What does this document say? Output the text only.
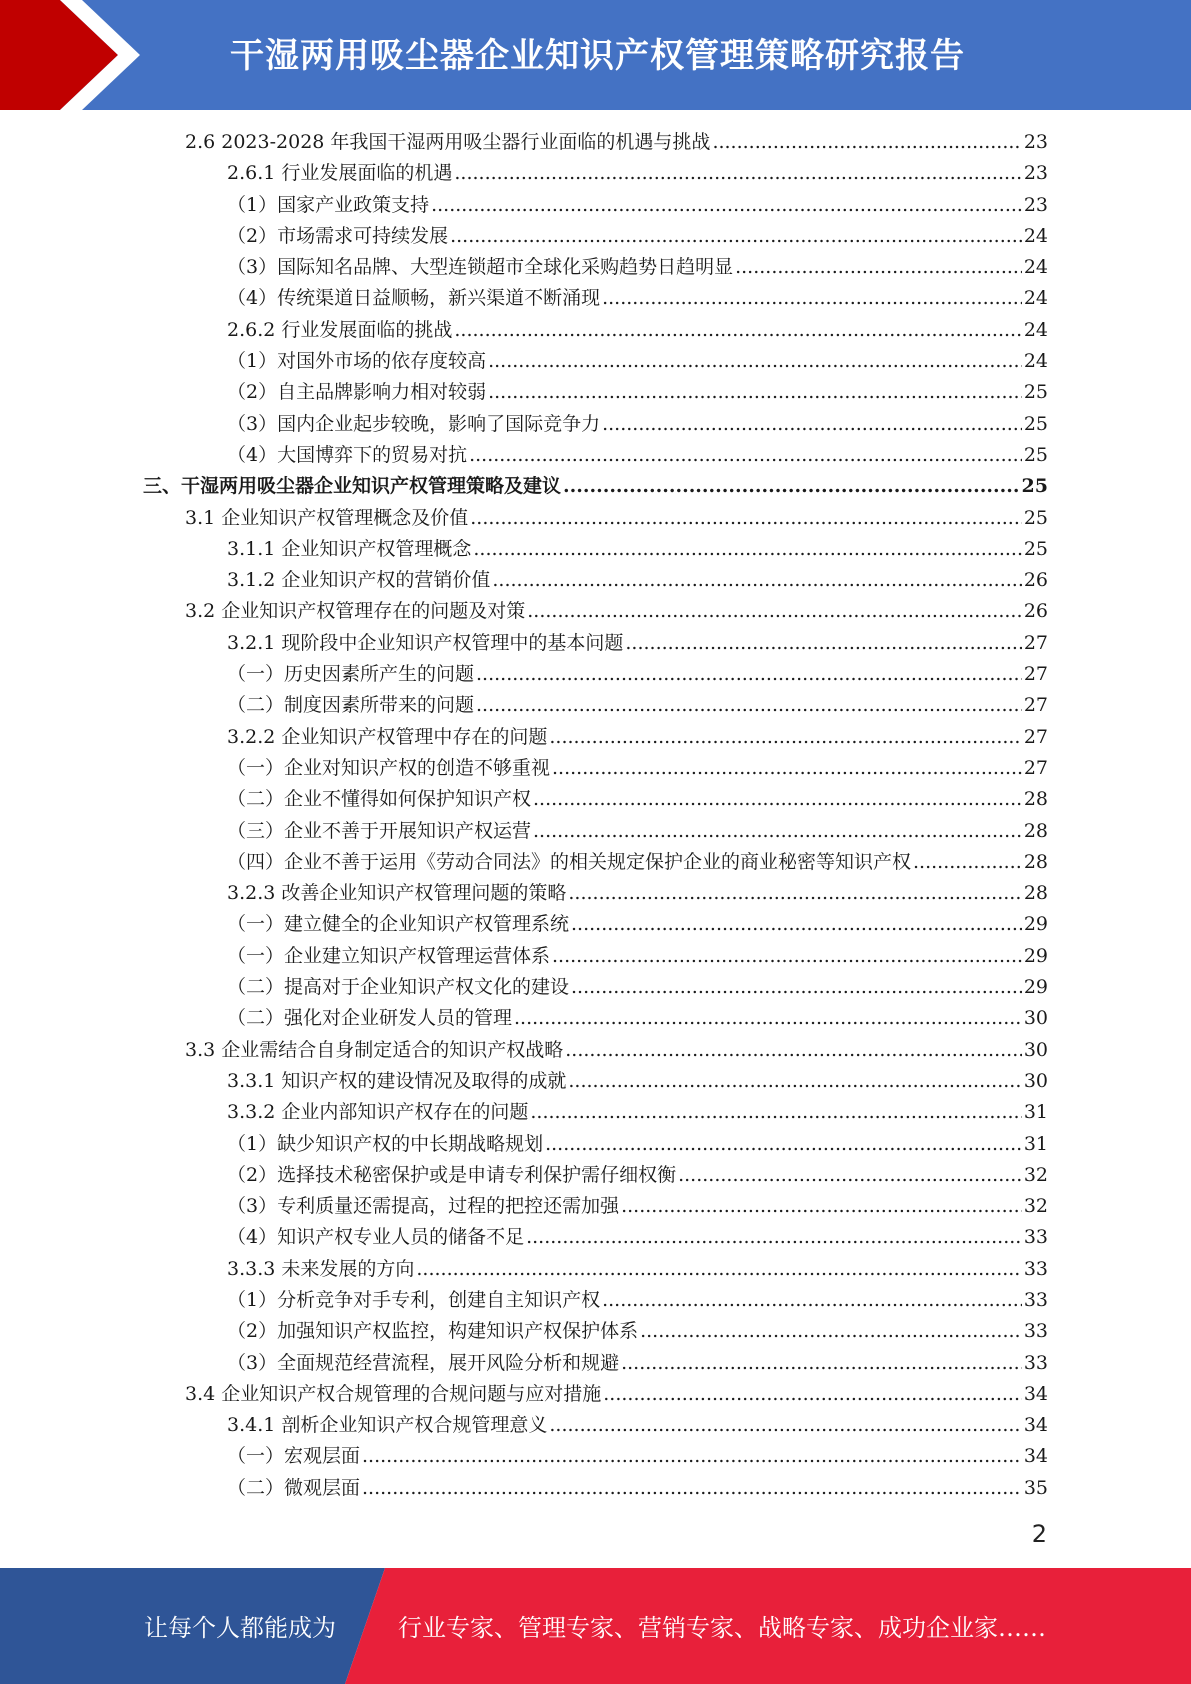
干湿两用吸尘器企业知识产权管理策略研究报告
2.6 2023-2028 年我国干湿两用吸尘器行业面临的机遇与挑战 .....	23
2.6.1 行业发展面临的机遇 .....	23
（1）国家产业政策支持 .....	23
（2）市场需求可持续发展 .....	24
（3）国际知名品牌、大型连锁超市全球化采购趋势日趋明显 .....	24
（4）传统渠道日益顺畅，新兴渠道不断涌现 .....	24
2.6.2 行业发展面临的挑战 .....	24
（1）对国外市场的依存度较高 .....	24
（2）自主品牌影响力相对较弱 .....	25
（3）国内企业起步较晚，影响了国际竞争力 .....	25
（4）大国博弈下的贸易对抗 .....	25
三、干湿两用吸尘器企业知识产权管理策略及建议 .....	25
3.1 企业知识产权管理概念及价值 .....	25
3.1.1 企业知识产权管理概念 .....	25
3.1.2 企业知识产权的营销价值 .....	26
3.2 企业知识产权管理存在的问题及对策 .....	26
3.2.1 现阶段中企业知识产权管理中的基本问题 .....	27
（一）历史因素所产生的问题 .....	27
（二）制度因素所带来的问题 .....	27
3.2.2 企业知识产权管理中存在的问题 .....	27
（一）企业对知识产权的创造不够重视 .....	27
（二）企业不懂得如何保护知识产权 .....	28
（三）企业不善于开展知识产权运营 .....	28
（四）企业不善于运用《劳动合同法》的相关规定保护企业的商业秘密等知识产权 .....	28
3.2.3 改善企业知识产权管理问题的策略 .....	28
（一）建立健全的企业知识产权管理系统 .....	29
（一）企业建立知识产权管理运营体系 .....	29
（二）提高对于企业知识产权文化的建设 .....	29
（二）强化对企业研发人员的管理 .....	30
3.3 企业需结合自身制定适合的知识产权战略 .....	30
3.3.1 知识产权的建设情况及取得的成就 .....	30
3.3.2 企业内部知识产权存在的问题 .....	31
（1）缺少知识产权的中长期战略规划 .....	31
（2）选择技术秘密保护或是申请专利保护需仔细权衡 .....	32
（3）专利质量还需提高，过程的把控还需加强 .....	32
（4）知识产权专业人员的储备不足 .....	33
3.3.3 未来发展的方向 .....	33
（1）分析竞争对手专利，创建自主知识产权 .....	33
（2）加强知识产权监控，构建知识产权保护体系 .....	33
（3）全面规范经营流程，展开风险分析和规避 .....	33
3.4 企业知识产权合规管理的合规问题与应对措施 .....	34
3.4.1 剖析企业知识产权合规管理意义 .....	34
（一）宏观层面 .....	34
（二）微观层面 .....	35
2
让每个人都能成为	行业专家、管理专家、营销专家、战略专家、成功企业家……
